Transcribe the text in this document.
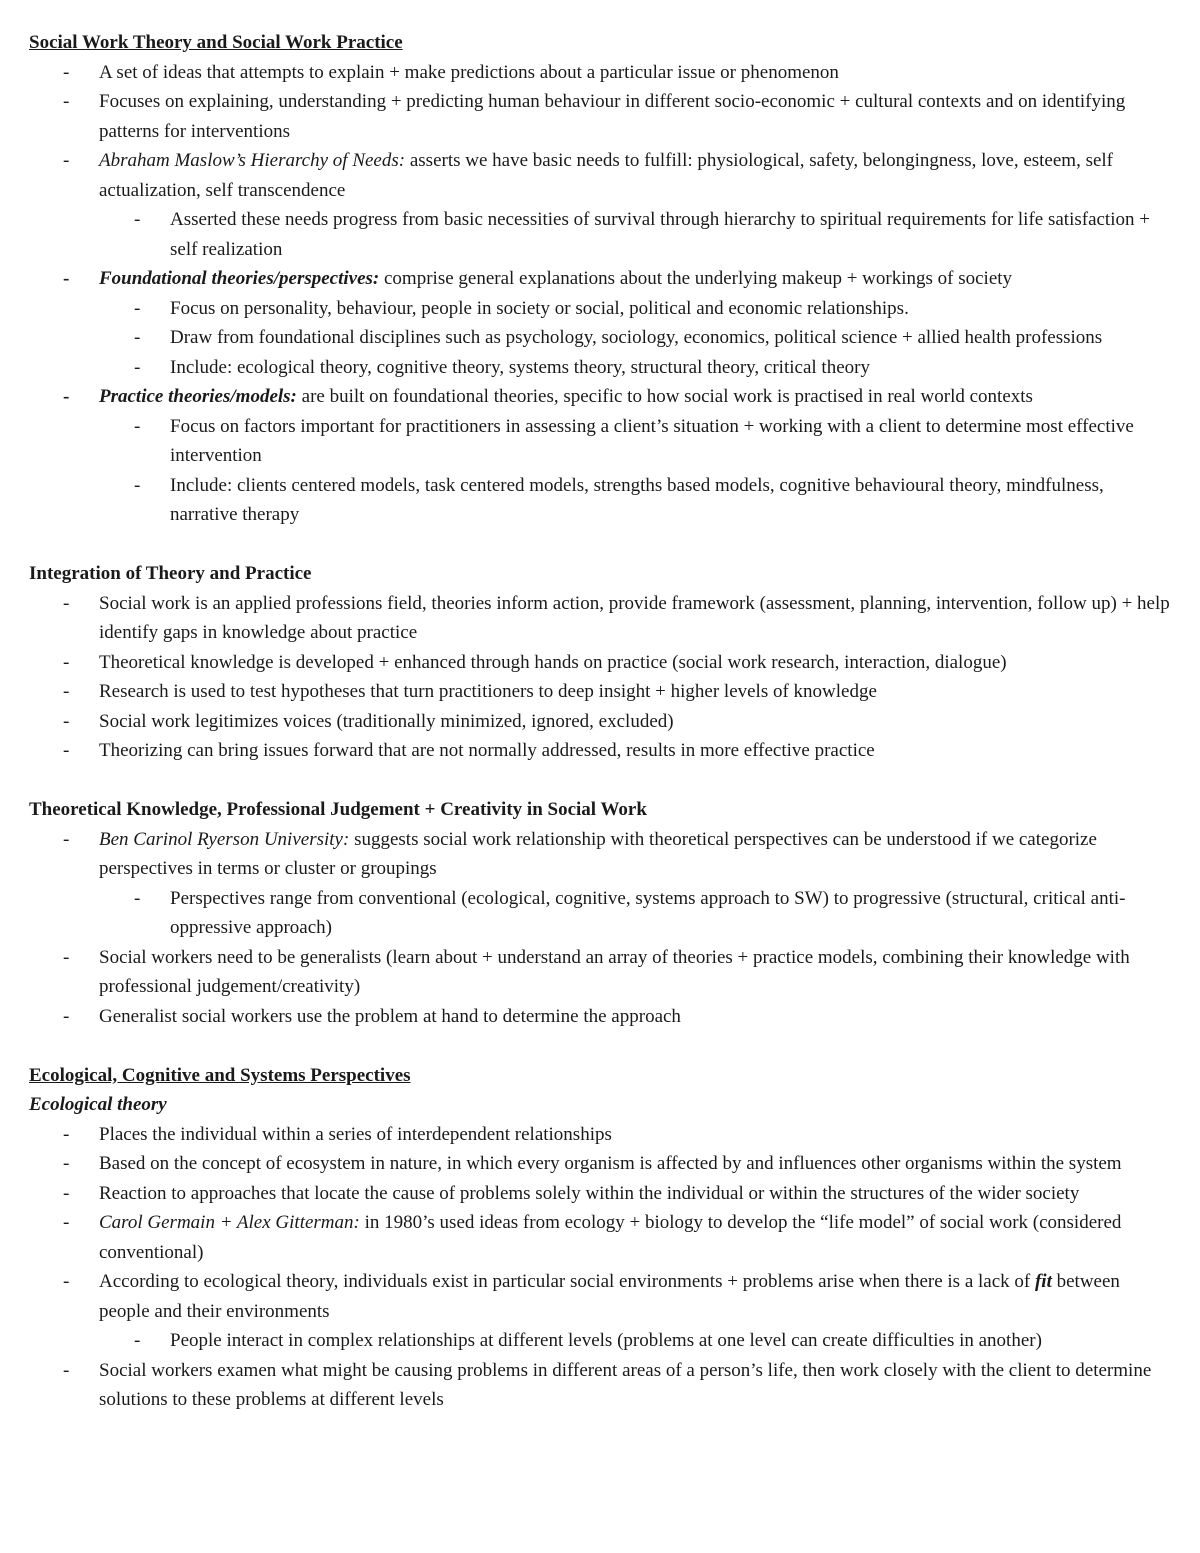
Social Work Theory and Social Work Practice
- A set of ideas that attempts to explain + make predictions about a particular issue or phenomenon
- Focuses on explaining, understanding + predicting human behaviour in different socio-economic + cultural contexts and on identifying patterns for interventions
- Abraham Maslow’s Hierarchy of Needs: asserts we have basic needs to fulfill: physiological, safety, belongingness, love, esteem, self actualization, self transcendence
- Asserted these needs progress from basic necessities of survival through hierarchy to spiritual requirements for life satisfaction + self realization
- Foundational theories/perspectives: comprise general explanations about the underlying makeup + workings of society
- Focus on personality, behaviour, people in society or social, political and economic relationships.
- Draw from foundational disciplines such as psychology, sociology, economics, political science + allied health professions
- Include: ecological theory, cognitive theory, systems theory, structural theory, critical theory
- Practice theories/models: are built on foundational theories, specific to how social work is practised in real world contexts
- Focus on factors important for practitioners in assessing a client’s situation + working with a client to determine most effective intervention
- Include: clients centered models, task centered models, strengths based models, cognitive behavioural theory, mindfulness, narrative therapy
Integration of Theory and Practice
- Social work is an applied professions field, theories inform action, provide framework (assessment, planning, intervention, follow up) + help identify gaps in knowledge about practice
- Theoretical knowledge is developed + enhanced through hands on practice (social work research, interaction, dialogue)
- Research is used to test hypotheses that turn practitioners to deep insight + higher levels of knowledge
- Social work legitimizes voices (traditionally minimized, ignored, excluded)
- Theorizing can bring issues forward that are not normally addressed, results in more effective practice
Theoretical Knowledge, Professional Judgement + Creativity in Social Work
- Ben Carinol Ryerson University: suggests social work relationship with theoretical perspectives can be understood if we categorize perspectives in terms or cluster or groupings
- Perspectives range from conventional (ecological, cognitive, systems approach to SW) to progressive (structural, critical anti-oppressive approach)
- Social workers need to be generalists (learn about + understand an array of theories + practice models, combining their knowledge with professional judgement/creativity)
- Generalist social workers use the problem at hand to determine the approach
Ecological, Cognitive and Systems Perspectives
Ecological theory
- Places the individual within a series of interdependent relationships
- Based on the concept of ecosystem in nature, in which every organism is affected by and influences other organisms within the system
- Reaction to approaches that locate the cause of problems solely within the individual or within the structures of the wider society
- Carol Germain + Alex Gitterman: in 1980’s used ideas from ecology + biology to develop the “life model” of social work (considered conventional)
- According to ecological theory, individuals exist in particular social environments + problems arise when there is a lack of fit between people and their environments
- People interact in complex relationships at different levels (problems at one level can create difficulties in another)
- Social workers examen what might be causing problems in different areas of a person’s life, then work closely with the client to determine solutions to these problems at different levels
